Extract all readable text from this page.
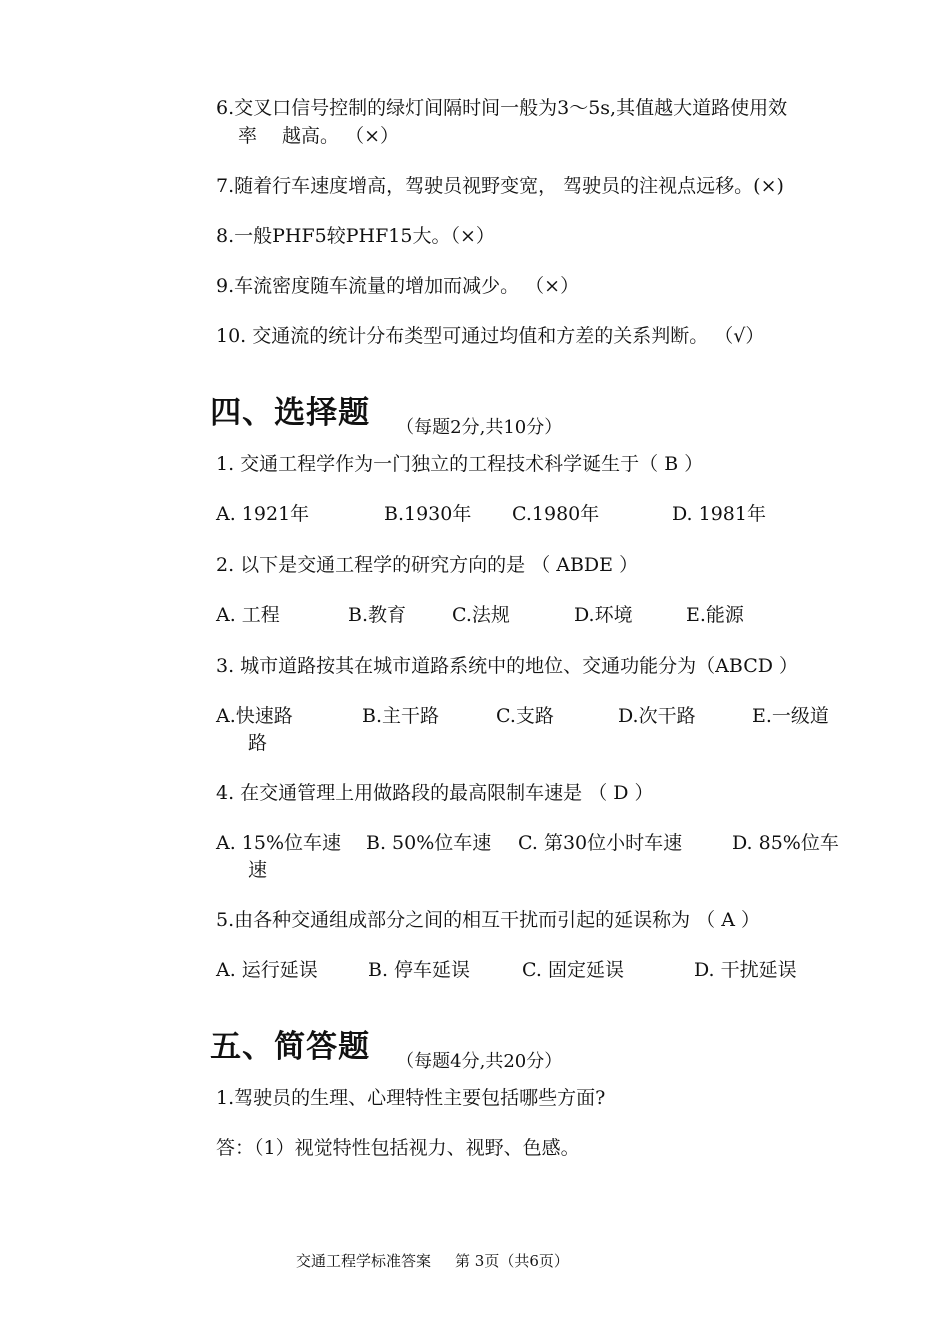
6.交叉口信号控制的绿灯间隔时间一般为3～5s,其值越大道路使用效
率　 越高。 （×）
7.随着行车速度增高，驾驶员视野变宽， 驾驶员的注视点远移。(×)
8.一般PHF5较PHF15大。（×）
9.车流密度随车流量的增加而减少。 （×）
10. 交通流的统计分布类型可通过均值和方差的关系判断。 （√）

四、选择题 （每题2分,共10分）

1. 交通工程学作为一门独立的工程技术科学诞生于（ B ）
A. 1921年	B.1930年 C.1980年	D. 1981年
2. 以下是交通工程学的研究方向的是 （ ABDE ）
A. 工程	B.教育 C.法规	D.环境	E.能源
3. 城市道路按其在城市道路系统中的地位、交通功能分为（ABCD ）
A.快速路	B.主干路	C.支路	D.次干路	E.一级道
路
4. 在交通管理上用做路段的最高限制车速是 （ D ）
A. 15%位车速 B. 50%位车速 C. 第30位小时车速	D. 85%位车
速
5.由各种交通组成部分之间的相互干扰而引起的延误称为 （ A ）
A. 运行延误	B. 停车延误	C. 固定延误	D. 干扰延误

五、简答题 （每题4分,共20分）

1.驾驶员的生理、心理特性主要包括哪些方面?
答：（1）视觉特性包括视力、视野、色感。
交通工程学标准答案 第 3页（共6页）
